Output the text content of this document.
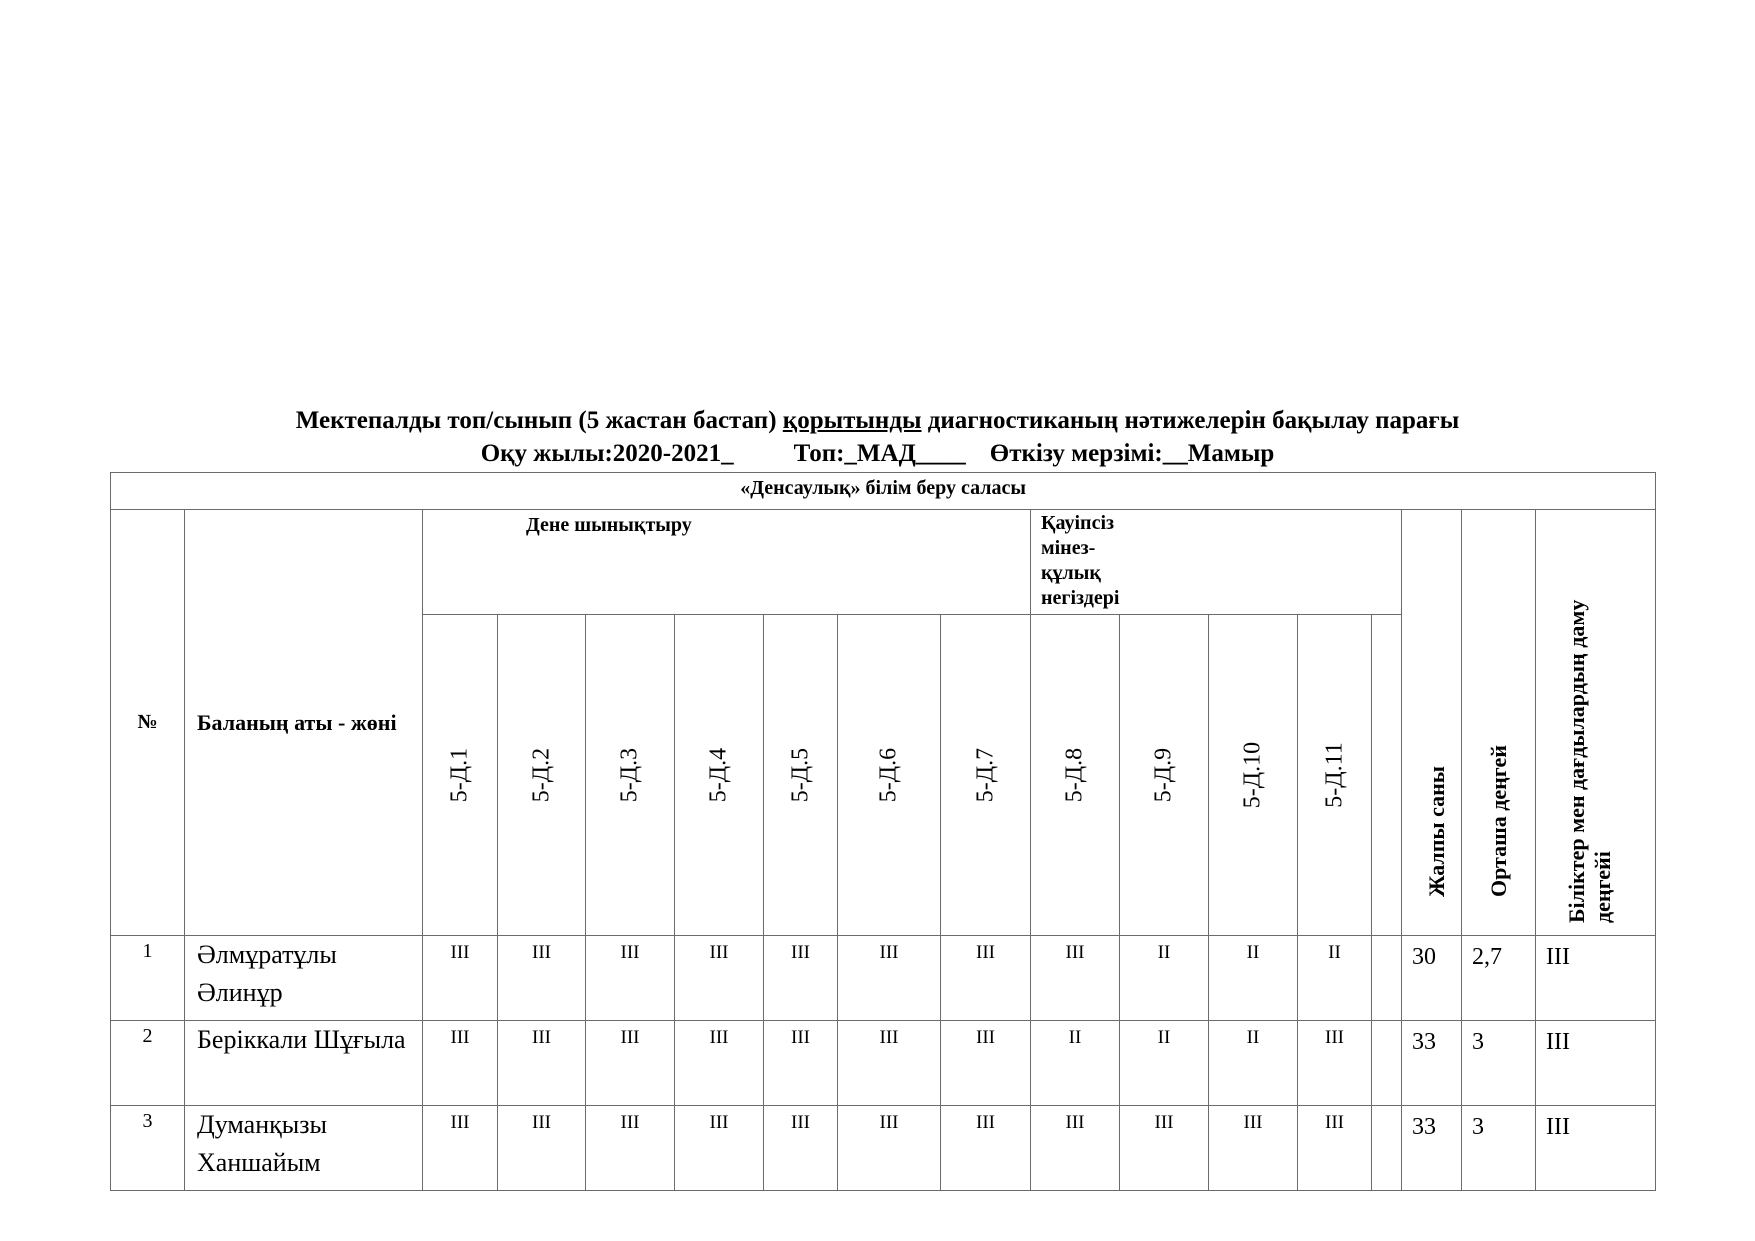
Мектепалды топ/сынып (5 жастан бастап) қорытынды диагностиканың нәтижелерін бақылау парағы
Оқу жылы:2020-2021_ Топ:_МАД____ Өткізу мерзімі:__Мамыр
«Денсаулық» білім беру саласы																
№	Баланың аты - жөні	Дене шынықтыру							Қауіпсіз
мінез-
құлық
негіздері					Жалпы саны	Орташа деңгей	Біліктер мен дағдылардың даму деңгейі

		5-Д.1	5-Д.2	5-Д.3	5-Д.4	5-Д.5	5-Д.6	5-Д.7	5-Д.8	5-Д.9	5-Д.10	5-Д.11				

1	Әлмұратұлы Әлинұр	III	III	III	III	III	III	III	III	II	II	II		30	2,7	III
2	Беріккали Шұғыла	III	III	III	III	III	III	III	II	II	II	III		33	3	III
3	Думанқызы Ханшайым	III	III	III	III	III	III	III	III	III	III	III		33	3	III
